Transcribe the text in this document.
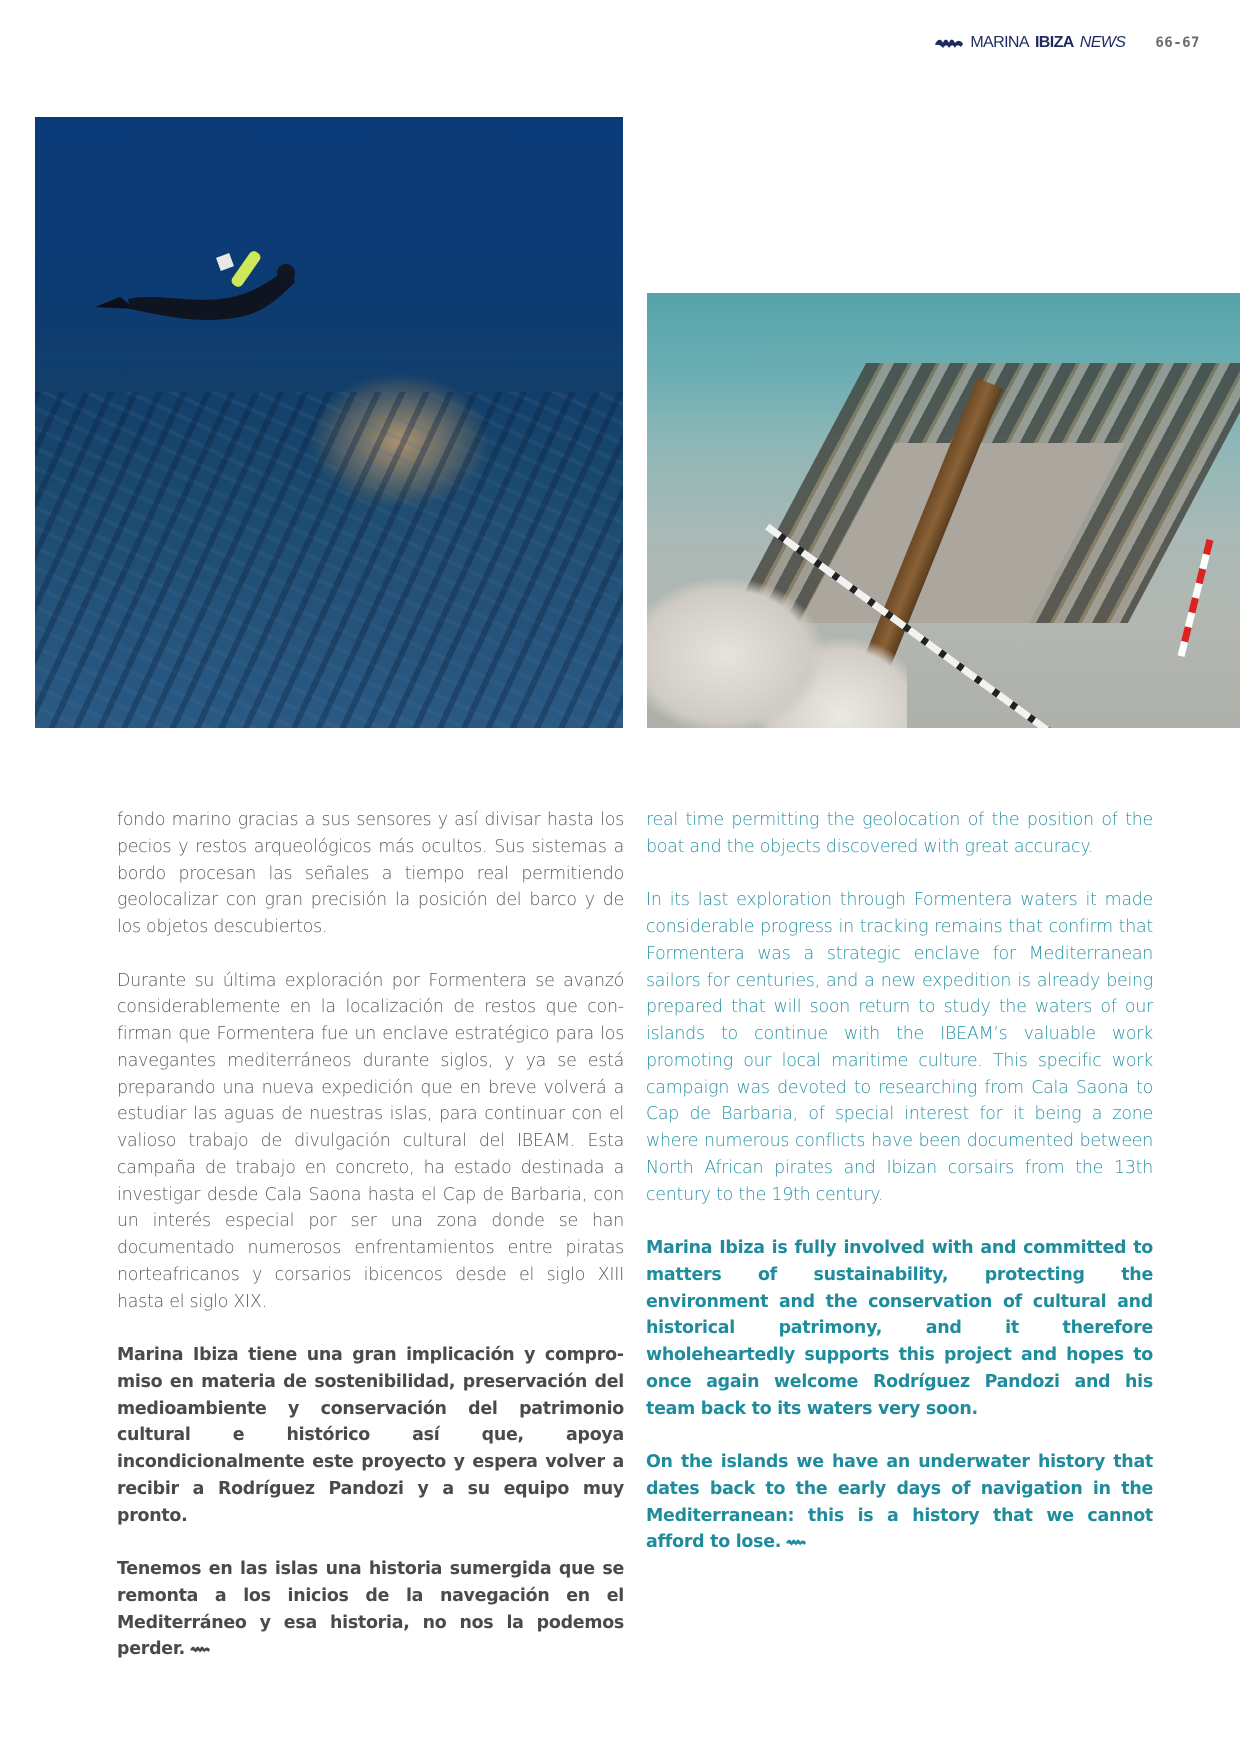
MARINA IBIZA NEWS 66-67

fondo marino gracias a sus sensores y así divisar hasta los pecios y restos arqueológicos más ocultos. Sus sistemas a bordo procesan las señales a tiempo real permitiendo geolocalizar con gran precisión la posición del barco y de los objetos descubiertos.

Durante su última exploración por Formentera se avanzó considerablemente en la localización de restos que confirman que Formentera fue un enclave estratégico para los navegantes mediterráneos durante siglos, y ya se está preparando una nueva expedición que en breve volverá a estudiar las aguas de nuestras islas, para continuar con el valioso trabajo de divulgación cultural del IBEAM. Esta campaña de trabajo en concreto, ha estado destinada a investigar desde Cala Saona hasta el Cap de Barbaria, con un interés especial por ser una zona donde se han documentado numerosos enfrentamientos entre piratas norteafricanos y corsarios ibicencos desde el siglo XIII hasta el siglo XIX.

Marina Ibiza tiene una gran implicación y compromiso en materia de sostenibilidad, preservación del medioambiente y conservación del patrimonio cultural e histórico así que, apoya incondicionalmente este proyecto y espera volver a recibir a Rodríguez Pandozi y a su equipo muy pronto.

Tenemos en las islas una historia sumergida que se remonta a los inicios de la navegación en el Mediterráneo y esa historia, no nos la podemos perder.

real time permitting the geolocation of the position of the boat and the objects discovered with great accuracy.

In its last exploration through Formentera waters it made considerable progress in tracking remains that confirm that Formentera was a strategic enclave for Mediterranean sailors for centuries, and a new expedition is already being prepared that will soon return to study the waters of our islands to continue with the IBEAM’s valuable work promoting our local maritime culture. This specific work campaign was devoted to researching from Cala Saona to Cap de Barbaria, of special interest for it being a zone where numerous conflicts have been documented between North African pirates and Ibizan corsairs from the 13th century to the 19th century.

Marina Ibiza is fully involved with and committed to matters of sustainability, protecting the environment and the conservation of cultural and historical patrimony, and it therefore wholeheartedly supports this project and hopes to once again welcome Rodríguez Pandozi and his team back to its waters very soon.

On the islands we have an underwater history that dates back to the early days of navigation in the Mediterranean: this is a history that we cannot afford to lose.
